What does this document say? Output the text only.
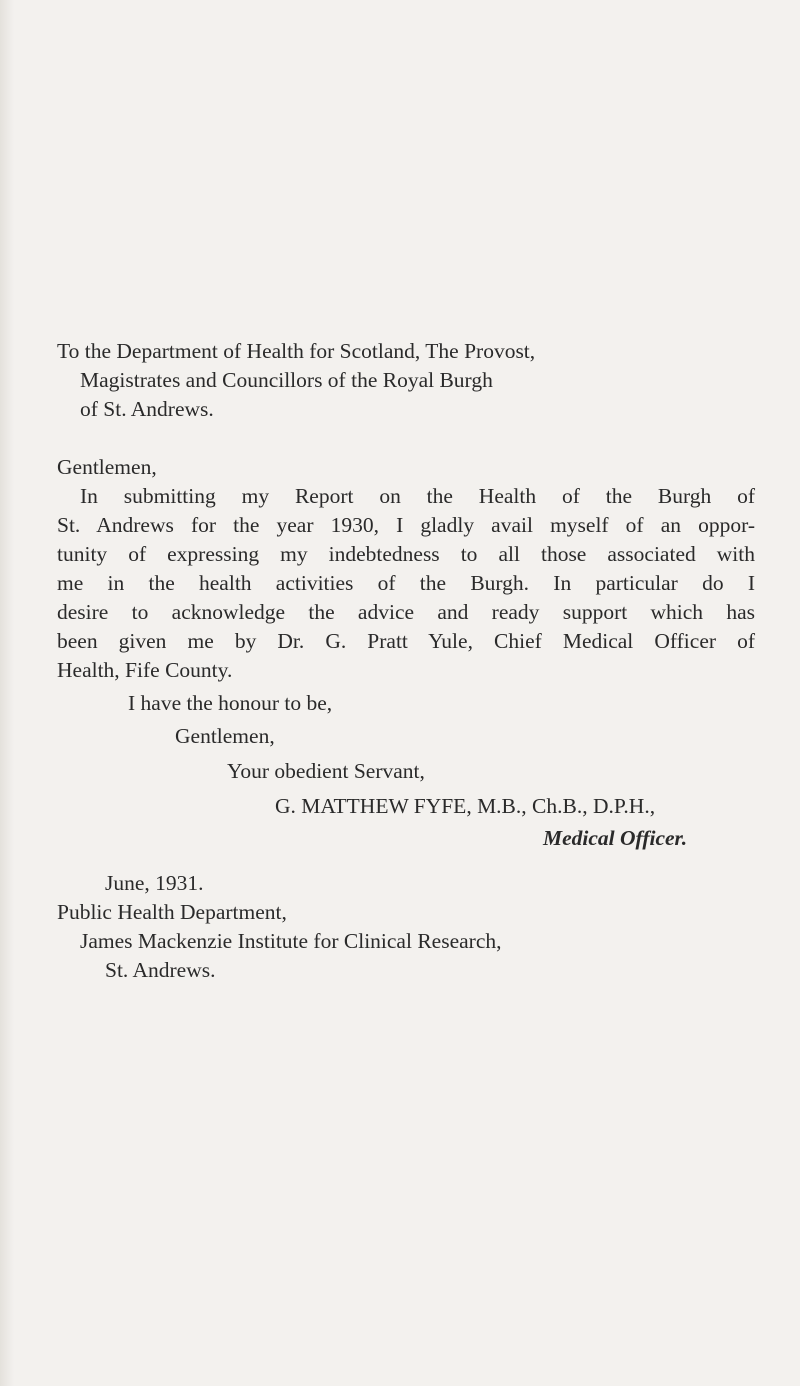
To the Department of Health for Scotland, The Provost,
Magistrates and Councillors of the Royal Burgh
of St. Andrews.
Gentlemen,
In submitting my Report on the Health of the Burgh of
St. Andrews for the year 1930, I gladly avail myself of an oppor-
tunity of expressing my indebtedness to all those associated with
me in the health activities of the Burgh. In particular do I
desire to acknowledge the advice and ready support which has
been given me by Dr. G. Pratt Yule, Chief Medical Officer of
Health, Fife County.
I have the honour to be,
Gentlemen,
Your obedient Servant,
G. MATTHEW FYFE, M.B., Ch.B., D.P.H.,
Medical Officer.
June, 1931.
Public Health Department,
James Mackenzie Institute for Clinical Research,
St. Andrews.
